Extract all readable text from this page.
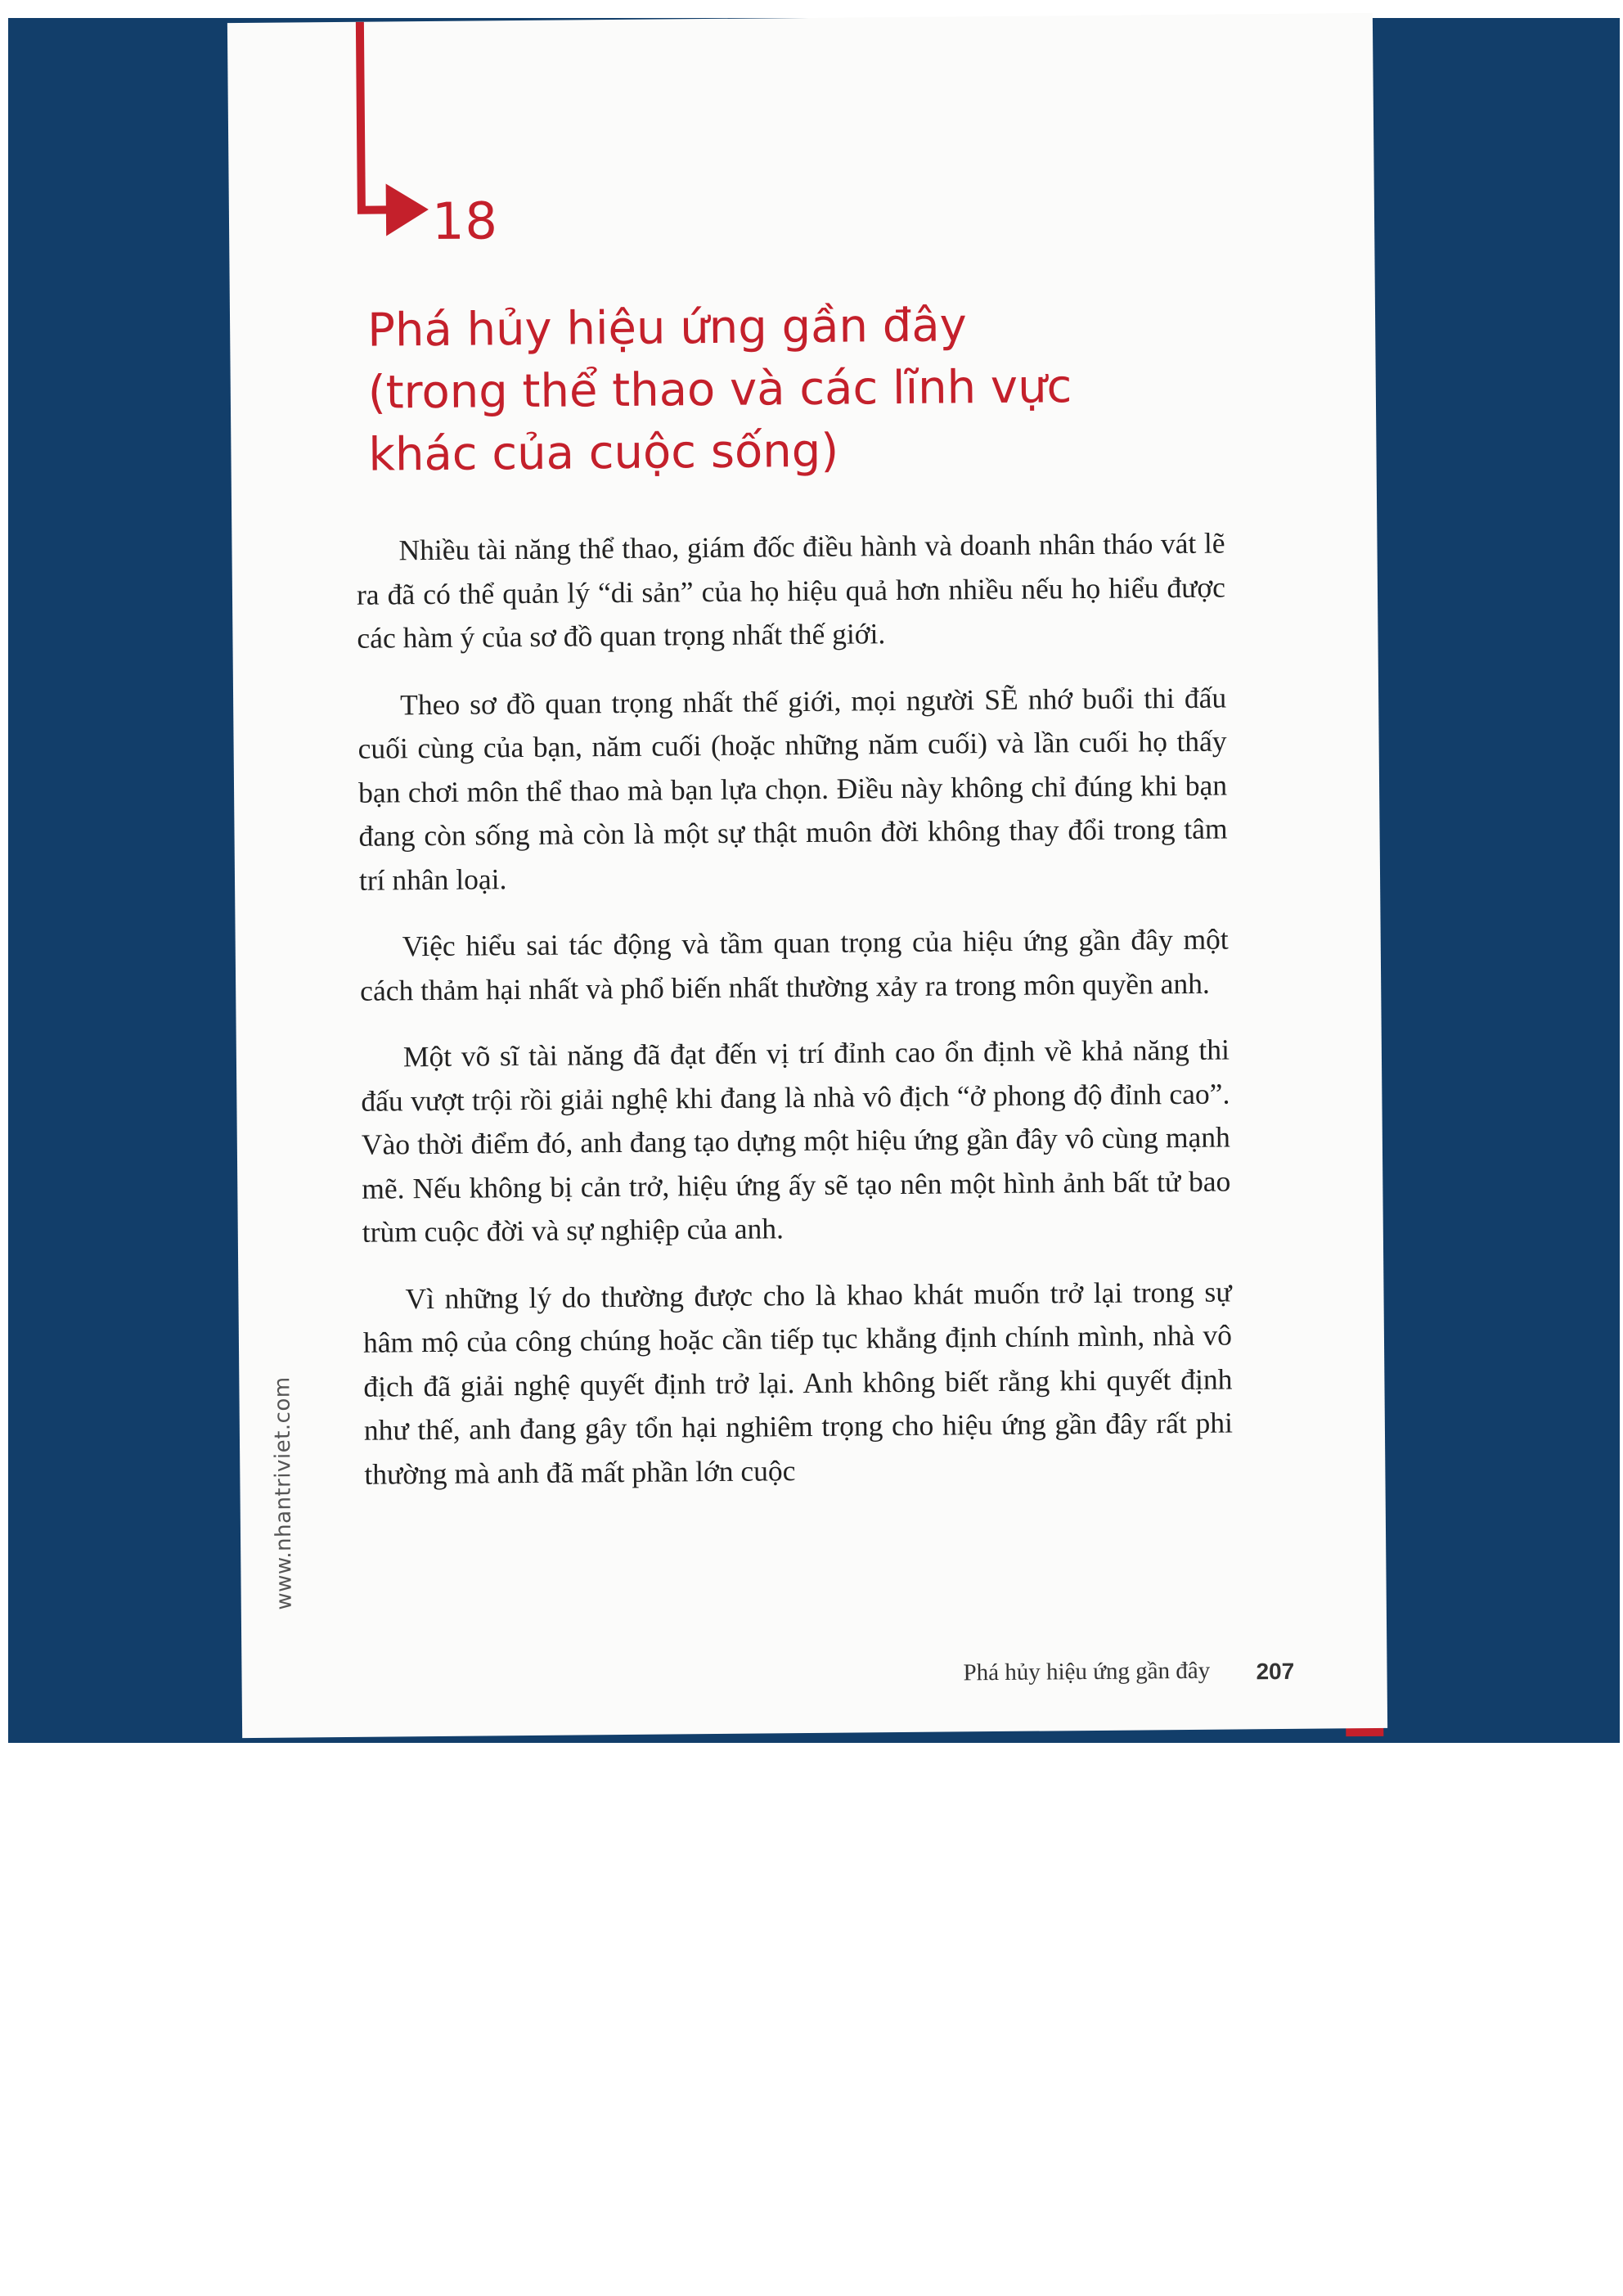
18
Phá hủy hiệu ứng gần đây
(trong thể thao và các lĩnh vực
khác của cuộc sống)

Nhiều tài năng thể thao, giám đốc điều hành và doanh nhân tháo vát lẽ ra đã có thể quản lý “di sản” của họ hiệu quả hơn nhiều nếu họ hiểu được các hàm ý của sơ đồ quan trọng nhất thế giới.

Theo sơ đồ quan trọng nhất thế giới, mọi người SẼ nhớ buổi thi đấu cuối cùng của bạn, năm cuối (hoặc những năm cuối) và lần cuối họ thấy bạn chơi môn thể thao mà bạn lựa chọn. Điều này không chỉ đúng khi bạn đang còn sống mà còn là một sự thật muôn đời không thay đổi trong tâm trí nhân loại.

Việc hiểu sai tác động và tầm quan trọng của hiệu ứng gần đây một cách thảm hại nhất và phổ biến nhất thường xảy ra trong môn quyền anh.

Một võ sĩ tài năng đã đạt đến vị trí đỉnh cao ổn định về khả năng thi đấu vượt trội rồi giải nghệ khi đang là nhà vô địch “ở phong độ đỉnh cao”. Vào thời điểm đó, anh đang tạo dựng một hiệu ứng gần đây vô cùng mạnh mẽ. Nếu không bị cản trở, hiệu ứng ấy sẽ tạo nên một hình ảnh bất tử bao trùm cuộc đời và sự nghiệp của anh.

Vì những lý do thường được cho là khao khát muốn trở lại trong sự hâm mộ của công chúng hoặc cần tiếp tục khẳng định chính mình, nhà vô địch đã giải nghệ quyết định trở lại. Anh không biết rằng khi quyết định như thế, anh đang gây tổn hại nghiêm trọng cho hiệu ứng gần đây rất phi thường mà anh đã mất phần lớn cuộc

www.nhantriviet.com
Phá hủy hiệu ứng gần đây 207
